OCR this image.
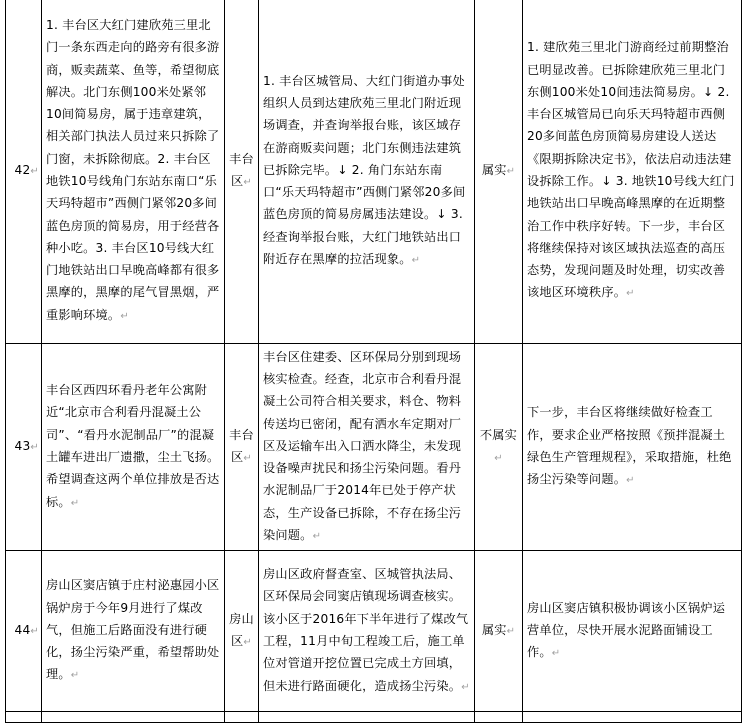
42↵	1. 丰台区大红门建欣苑三里北门一条东西走向的路旁有很多游商，贩卖蔬菜、鱼等，希望彻底解决。北门东侧100米处紧邻10间简易房，属于违章建筑，相关部门执法人员过来只拆除了门窗，未拆除彻底。2. 丰台区地铁10号线角门东站东南口“乐天玛特超市”西侧门紧邻20多间蓝色房顶的简易房，用于经营各种小吃。3. 丰台区10号线大红门地铁站出口早晚高峰都有很多黑摩的，黑摩的尾气冒黑烟，严重影响环境。↵	丰台区↵	1. 丰台区城管局、大红门街道办事处组织人员到达建欣苑三里北门附近现场调查，并查询举报台账，该区域存在游商贩卖问题；北门东侧违法建筑已拆除完毕。↓ 2. 角门东站东南口“乐天玛特超市”西侧门紧邻20多间蓝色房顶的简易房属违法建设。↓ 3. 经查询举报台账，大红门地铁站出口附近存在黑摩的拉活现象。↵	属实↵	1. 建欣苑三里北门游商经过前期整治已明显改善。已拆除建欣苑三里北门东侧100米处10间违法简易房。↓ 2. 丰台区城管局已向乐天玛特超市西侧20多间蓝色房顶简易房建设人送达《限期拆除决定书》，依法启动违法建设拆除工作。↓ 3. 地铁10号线大红门地铁站出口早晚高峰黑摩的在近期整治工作中秩序好转。下一步，丰台区将继续保持对该区域执法巡查的高压态势，发现问题及时处理，切实改善该地区环境秩序。↵
43↵	丰台区西四环看丹老年公寓附近“北京市合利看丹混凝土公司”、“看丹水泥制品厂”的混凝土罐车进出厂遗撒，尘土飞扬。希望调查这两个单位排放是否达标。↵	丰台区↵	丰台区住建委、区环保局分别到现场核实检查。经查，北京市合利看丹混凝土公司符合相关要求，料仓、物料传送均已密闭，配有洒水车定期对厂区及运输车出入口洒水降尘，未发现设备噪声扰民和扬尘污染问题。看丹水泥制品厂于2014年已处于停产状态，生产设备已拆除，不存在扬尘污染问题。↵	不属实↵	下一步，丰台区将继续做好检查工作，要求企业严格按照《预拌混凝土绿色生产管理规程》，采取措施，杜绝扬尘污染等问题。↵
44↵	房山区窦店镇于庄村泌惠园小区锅炉房于今年9月进行了煤改气，但施工后路面没有进行硬化，扬尘污染严重，希望帮助处理。↵	房山区↵	房山区政府督查室、区城管执法局、区环保局会同窦店镇现场调查核实。该小区于2016年下半年进行了煤改气工程，11月中旬工程竣工后，施工单位对管道开挖位置已完成土方回填，但未进行路面硬化，造成扬尘污染。↵	属实↵	房山区窦店镇积极协调该小区锅炉运营单位，尽快开展水泥路面铺设工作。↵
